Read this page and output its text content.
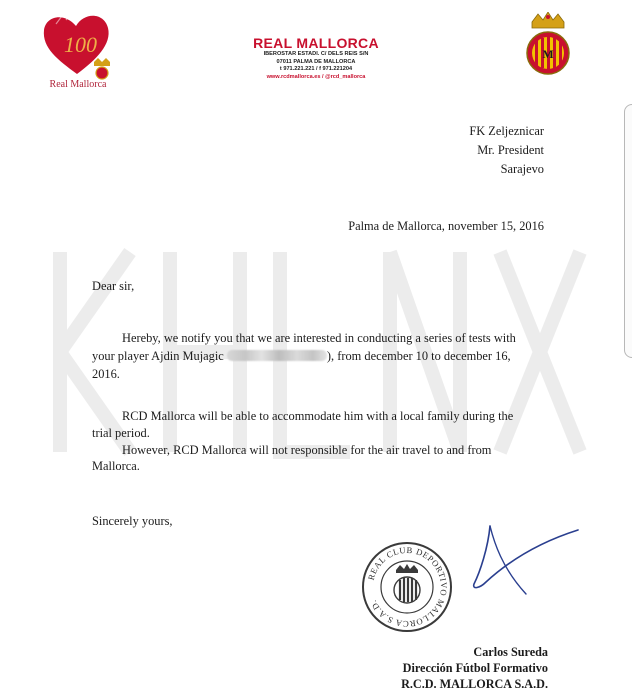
100
Real Mallorca
REAL MALLORCA
IBEROSTAR ESTADI. C/ DELS REIS S/N
07011 PALMA DE MALLORCA
t 971.221.221 / f 971.221204
www.rcdmallorca.es / @rcd_mallorca
M
FK Zeljeznicar
Mr. President
Sarajevo
Palma de Mallorca, november 15, 2016
Dear sir,
Hereby, we notify you that we are interested in conducting a series of tests with
your player Ajdin Mujagic	), from december 10 to december 16,
2016.
RCD Mallorca will be able to accommodate him with a local family during the
trial period.
However, RCD Mallorca will not responsible for the air travel to and from
Mallorca.
Sincerely yours,
REAL CLUB DEPORTIVO MALLORCA S.A.D.
Carlos Sureda
Dirección Fútbol Formativo
R.C.D. MALLORCA S.A.D.
